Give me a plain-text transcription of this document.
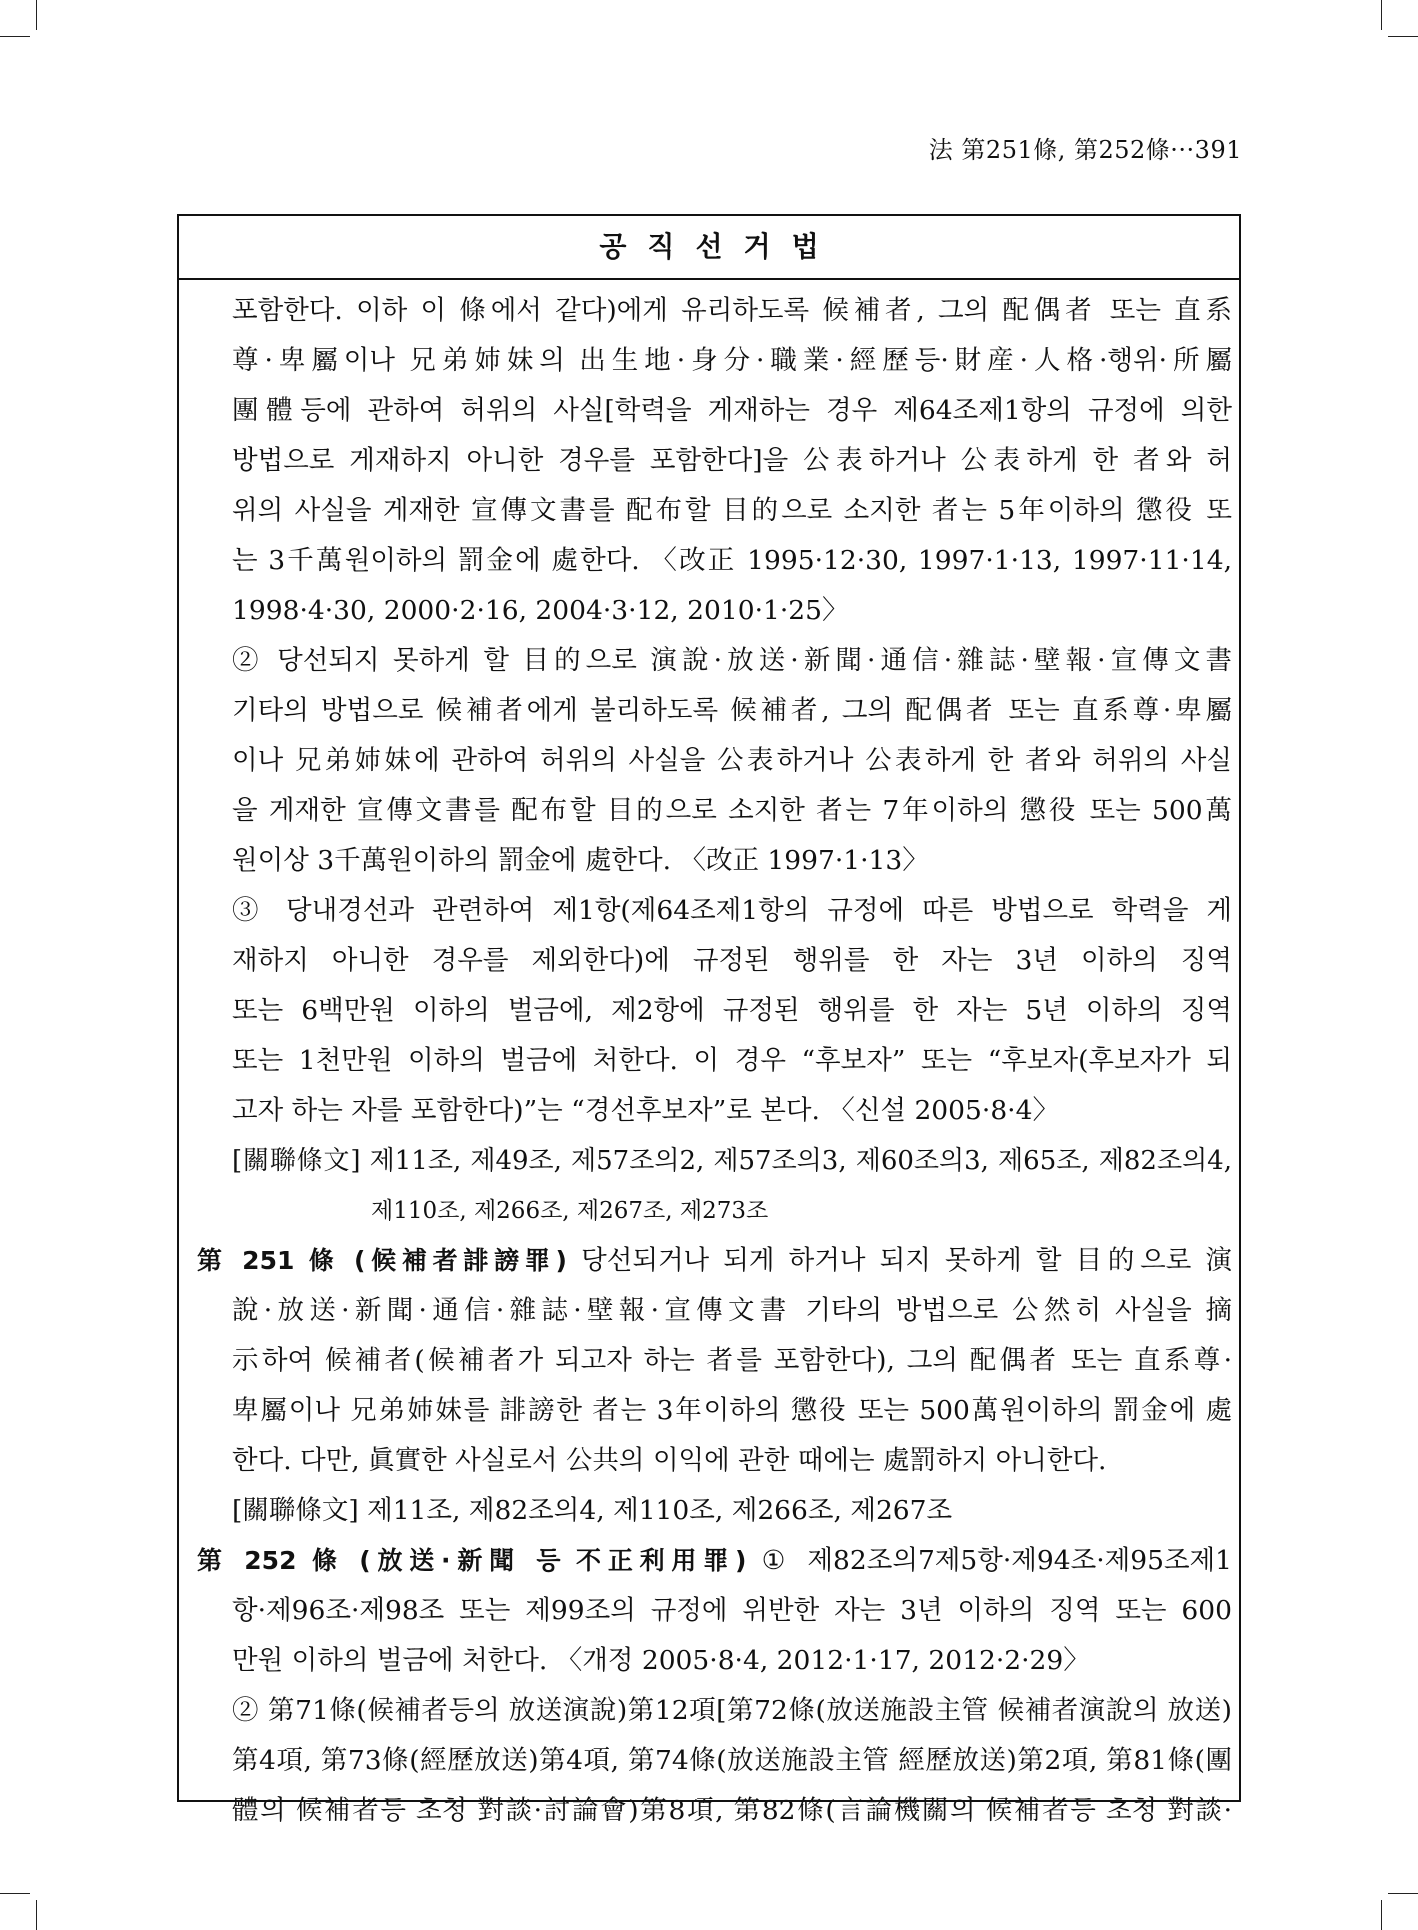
法 第251條, 第252條···391
공직선거법
포함한다. 이하 이 條에서 같다)에게 유리하도록 候補者, 그의 配偶者 또는 直系
尊·卑屬이나 兄弟姉妹의 出生地·身分·職業·經歷등·財産·人格·행위·所屬
團體등에 관하여 허위의 사실[학력을 게재하는 경우 제64조제1항의 규정에 의한
방법으로 게재하지 아니한 경우를 포함한다]을 公表하거나 公表하게 한 者와 허
위의 사실을 게재한 宣傳文書를 配布할 目的으로 소지한 者는 5年이하의 懲役 또
는 3千萬원이하의 罰金에 處한다. 〈改正 1995·12·30, 1997·1·13, 1997·11·14,
1998·4·30, 2000·2·16, 2004·3·12, 2010·1·25〉
② 당선되지 못하게 할 目的으로 演說·放送·新聞·通信·雜誌·壁報·宣傳文書
기타의 방법으로 候補者에게 불리하도록 候補者, 그의 配偶者 또는 直系尊·卑屬
이나 兄弟姉妹에 관하여 허위의 사실을 公表하거나 公表하게 한 者와 허위의 사실
을 게재한 宣傳文書를 配布할 目的으로 소지한 者는 7年이하의 懲役 또는 500萬
원이상 3千萬원이하의 罰金에 處한다. 〈改正 1997·1·13〉
③ 당내경선과 관련하여 제1항(제64조제1항의 규정에 따른 방법으로 학력을 게
재하지 아니한 경우를 제외한다)에 규정된 행위를 한 자는 3년 이하의 징역
또는 6백만원 이하의 벌금에, 제2항에 규정된 행위를 한 자는 5년 이하의 징역
또는 1천만원 이하의 벌금에 처한다. 이 경우 “후보자” 또는 “후보자(후보자가 되
고자 하는 자를 포함한다)”는 “경선후보자”로 본다. 〈신설 2005·8·4〉
[關聯條文] 제11조, 제49조, 제57조의2, 제57조의3, 제60조의3, 제65조, 제82조의4,
제110조, 제266조, 제267조, 제273조
第 251 條 (候補者誹謗罪) 당선되거나 되게 하거나 되지 못하게 할 目的으로 演
說·放送·新聞·通信·雜誌·壁報·宣傳文書 기타의 방법으로 公然히 사실을 摘
示하여 候補者(候補者가 되고자 하는 者를 포함한다), 그의 配偶者 또는 直系尊·
卑屬이나 兄弟姉妹를 誹謗한 者는 3年이하의 懲役 또는 500萬원이하의 罰金에 處
한다. 다만, 眞實한 사실로서 公共의 이익에 관한 때에는 處罰하지 아니한다.
[關聯條文] 제11조, 제82조의4, 제110조, 제266조, 제267조
第 252 條 (放送·新聞 등 不正利用罪) ① 제82조의7제5항·제94조·제95조제1
항·제96조·제98조 또는 제99조의 규정에 위반한 자는 3년 이하의 징역 또는 600
만원 이하의 벌금에 처한다. 〈개정 2005·8·4, 2012·1·17, 2012·2·29〉
② 第71條(候補者등의 放送演說)第12項[第72條(放送施設主管 候補者演說의 放送)
第4項, 第73條(經歷放送)第4項, 第74條(放送施設主管 經歷放送)第2項, 第81條(團
體의 候補者등 초청 對談·討論會)第8項, 第82條(言論機關의 候補者등 초청 對談·
